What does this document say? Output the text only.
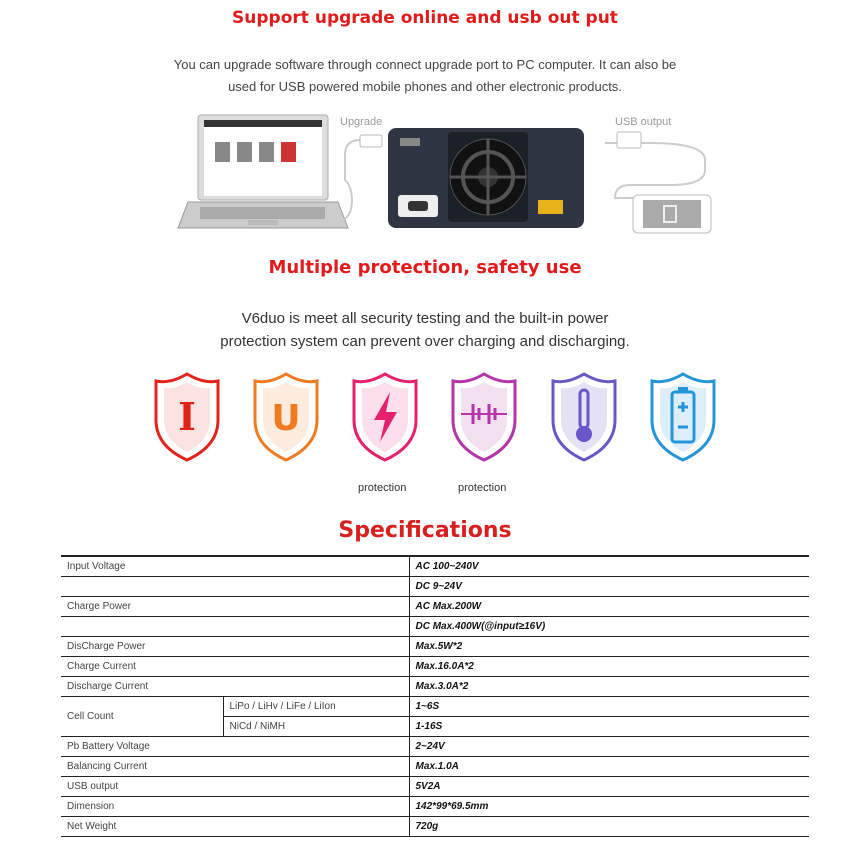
Support upgrade online and usb out put
You can upgrade software through connect upgrade port to PC computer. It can also be
used for USB powered mobile phones and other electronic products.
Upgrade	USB output
Multiple protection, safety use
V6duo is meet all security testing and the built-in power
protection system can prevent over charging and discharging.
I U
protection	protection
Specifications
Input Voltage		AC 100~240V
		DC 9~24V
Charge Power		AC Max.200W
		DC Max.400W(@input≥16V)
DisCharge Power		Max.5W*2
Charge Current		Max.16.0A*2
Discharge Current		Max.3.0A*2
Cell Count	LiPo / LiHv / LiFe / LiIon	1~6S
	NiCd / NiMH	1-16S
Pb Battery Voltage		2~24V
Balancing Current		Max.1.0A
USB output		5V2A
Dimension		142*99*69.5mm
Net Weight		720g
